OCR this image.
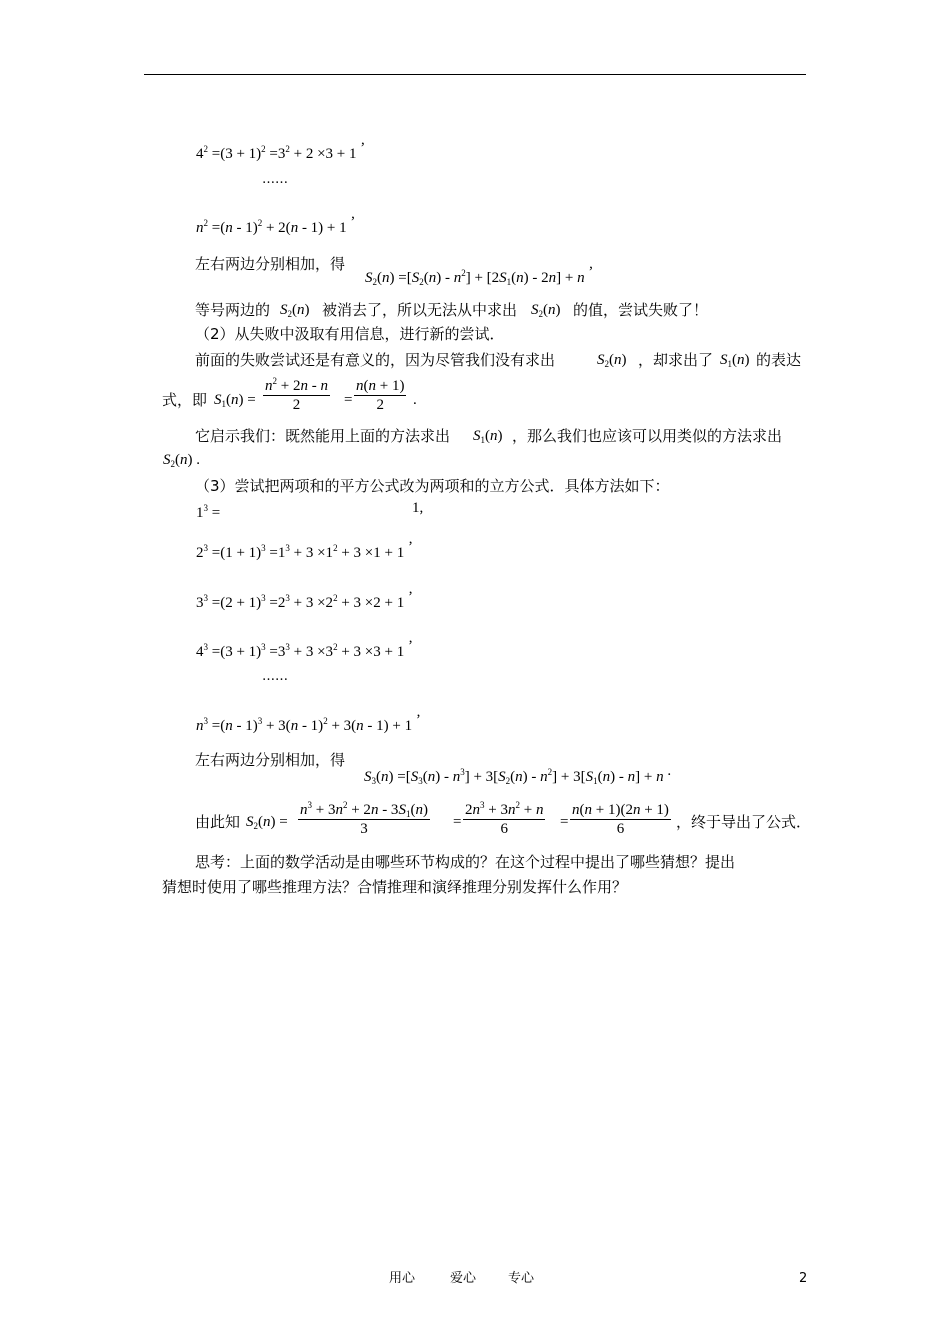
$4^2 =(3 + 1)^2 =3^2 + 2 \times 3 + 1$ ’
……
$n^2 =(n - 1)^2 + 2(n - 1) + 1$ ’
左右两边分别相加，得
$S_2(n) =[S_2(n) - n^2] + [2S_1(n) - 2n] + n$ ’
等号两边的 $S_2(n)$ 被消去了，所以无法从中求出 $S_2(n)$ 的值，尝试失败了！
（2）从失败中汲取有用信息，进行新的尝试．
前面的失败尝试还是有意义的，因为尽管我们没有求出	$S_2(n)$ ，却求出了 $S_1(n)$ 的表达
式，即 $S_1(n) = \frac{n^2 + 2n - n}{2} = \frac{n(n + 1)}{2}$ .
它启示我们：既然能用上面的方法求出 $S_1(n)$ ，那么我们也应该可以用类似的方法求出
$S_2(n)$ .
（3）尝试把两项和的平方公式改为两项和的立方公式．具体方法如下：
$1^3$ =	1,
$2^3 =(1 + 1)^3 =1^3 + 3 \times 1^2 + 3 \times 1 + 1$ ’
$3^3 =(2 + 1)^3 =2^3 + 3 \times 2^2 + 3 \times 2 + 1$ ’
$4^3 =(3 + 1)^3 =3^3 + 3 \times 3^2 + 3 \times 3 + 1$ ’
……
$n^3 =(n - 1)^3 + 3(n - 1)^2 + 3(n - 1) + 1$ ’
左右两边分别相加，得
$S_3(n) =[S_3(n) - n^3] + 3[S_2(n) - n^2] + 3[S_1(n) - n] + n$ .
由此知 $S_2(n) = \frac{n^3 + 3n^2 + 2n - 3S_1(n)}{3} = \frac{2n^3 + 3n^2 + n}{6} = \frac{n(n + 1)(2n + 1)}{6}$ ，终于导出了公式．
思考：上面的数学活动是由哪些环节构成的？在这个过程中提出了哪些猜想？提出
猜想时使用了哪些推理方法？合情推理和演绎推理分别发挥什么作用？
用心	爱心 专心	2
